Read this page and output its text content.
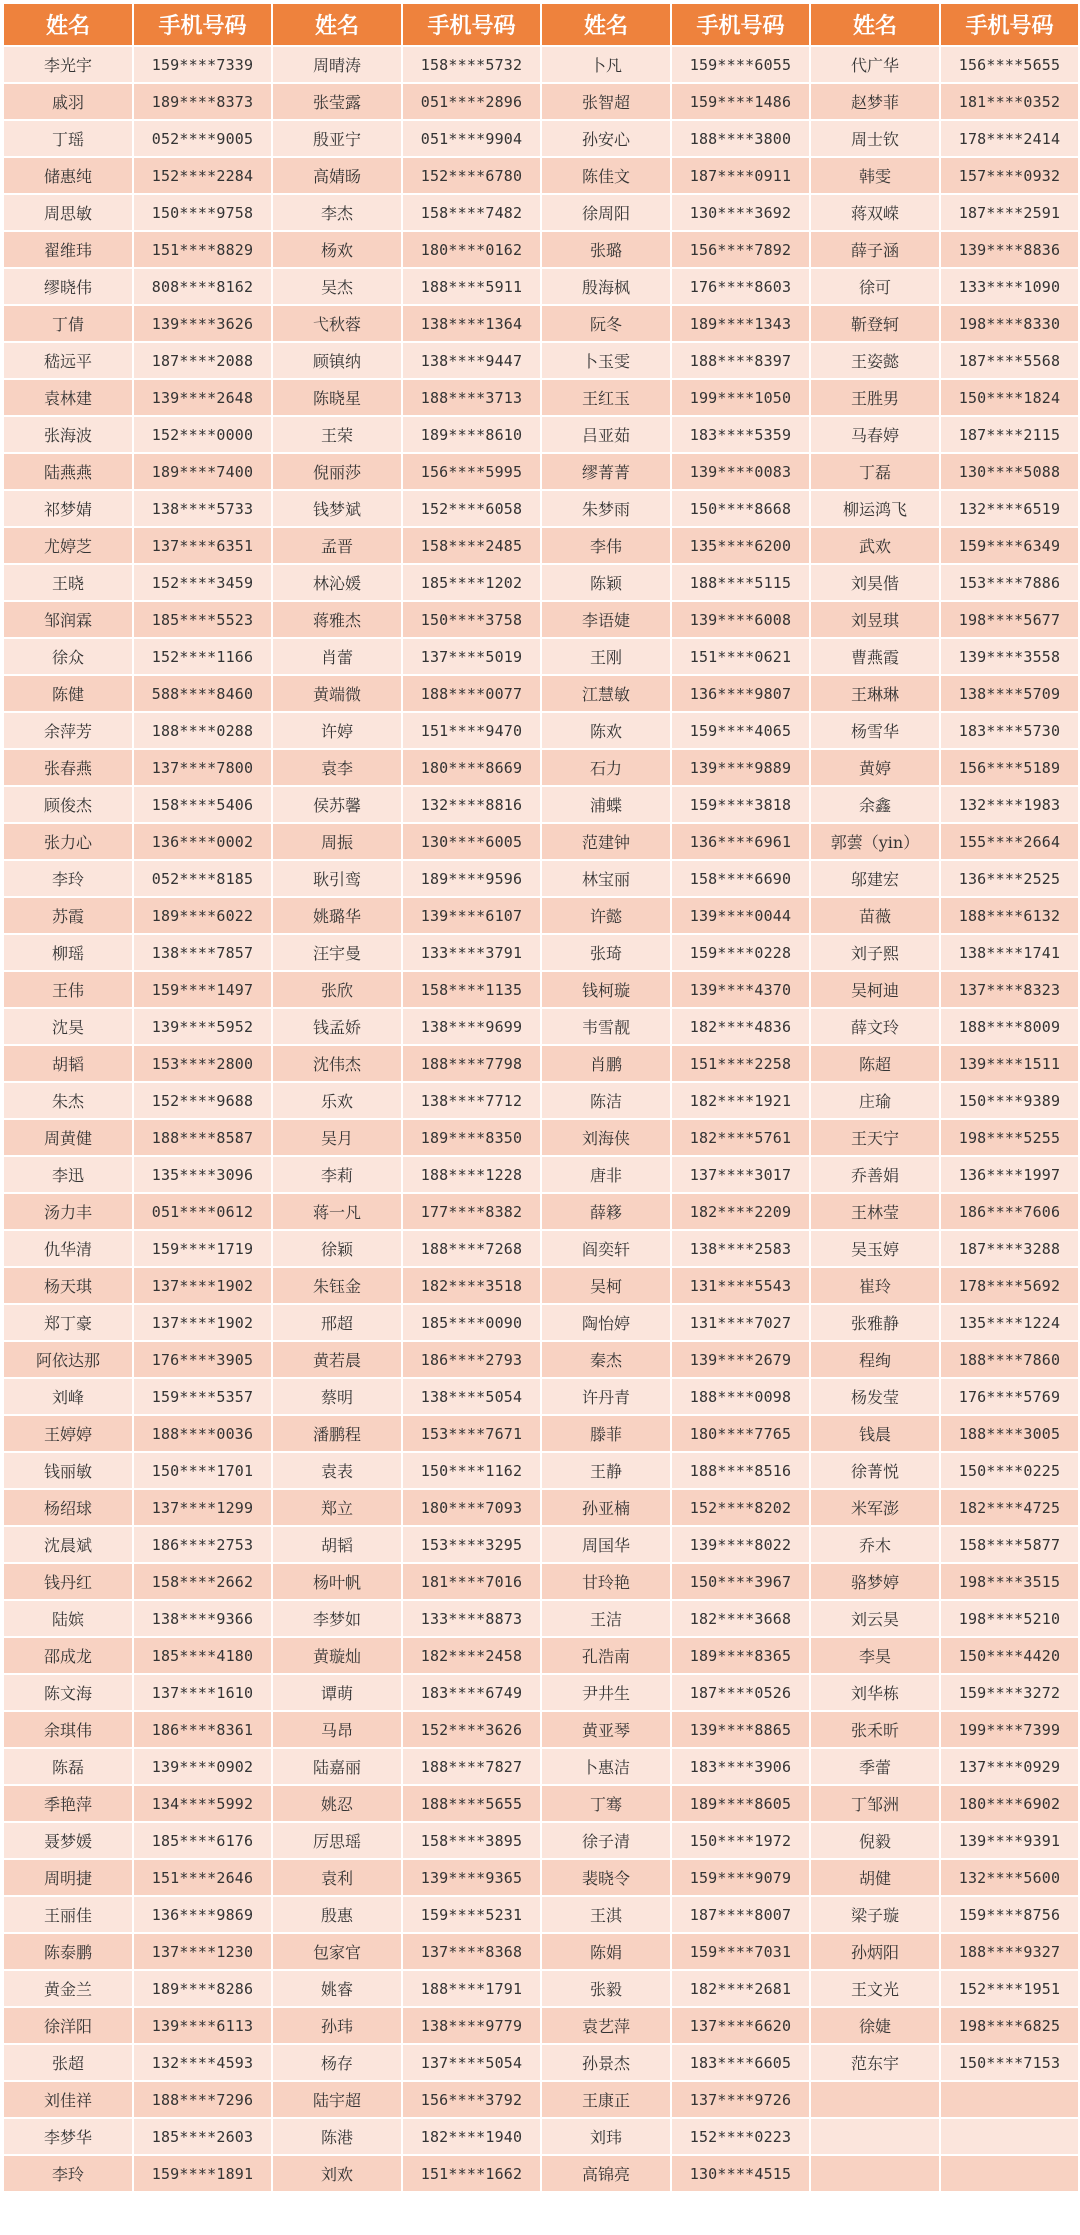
姓名	手机号码	姓名	手机号码	姓名	手机号码	姓名	手机号码
李光宇	159****7339	周晴涛	158****5732	卜凡	159****6055	代广华	156****5655
戚羽	189****8373	张莹露	051****2896	张智超	159****1486	赵梦菲	181****0352
丁瑶	052****9005	殷亚宁	051****9904	孙安心	188****3800	周士钦	178****2414
储惠纯	152****2284	高婧旸	152****6780	陈佳文	187****0911	韩雯	157****0932
周思敏	150****9758	李杰	158****7482	徐周阳	130****3692	蒋双嵘	187****2591
翟维玮	151****8829	杨欢	180****0162	张璐	156****7892	薛子涵	139****8836
缪晓伟	808****8162	吴杰	188****5911	殷海枫	176****8603	徐可	133****1090
丁倩	139****3626	弋秋蓉	138****1364	阮冬	189****1343	靳登轲	198****8330
嵇远平	187****2088	顾镇纳	138****9447	卜玉雯	188****8397	王姿懿	187****5568
袁林建	139****2648	陈晓星	188****3713	王红玉	199****1050	王胜男	150****1824
张海波	152****0000	王荣	189****8610	吕亚茹	183****5359	马春婷	187****2115
陆燕燕	189****7400	倪丽莎	156****5995	缪菁菁	139****0083	丁磊	130****5088
祁梦婧	138****5733	钱梦斌	152****6058	朱梦雨	150****8668	柳运鸿飞	132****6519
尤婷芝	137****6351	孟晋	158****2485	李伟	135****6200	武欢	159****6349
王晓	152****3459	林沁媛	185****1202	陈颖	188****5115	刘昊偕	153****7886
邹润霖	185****5523	蒋雅杰	150****3758	李语婕	139****6008	刘昱琪	198****5677
徐众	152****1166	肖蕾	137****5019	王刚	151****0621	曹燕霞	139****3558
陈健	588****8460	黄端微	188****0077	江慧敏	136****9807	王琳琳	138****5709
余萍芳	188****0288	许婷	151****9470	陈欢	159****4065	杨雪华	183****5730
张春燕	137****7800	袁李	180****8669	石力	139****9889	黄婷	156****5189
顾俊杰	158****5406	侯苏馨	132****8816	浦蝶	159****3818	余鑫	132****1983
张力心	136****0002	周振	130****6005	范建钟	136****6961	郭蕓（yin）	155****2664
李玲	052****8185	耿引鸾	189****9596	林宝丽	158****6690	邬建宏	136****2525
苏霞	189****6022	姚璐华	139****6107	许懿	139****0044	苗薇	188****6132
柳瑶	138****7857	汪宇曼	133****3791	张琦	159****0228	刘子熙	138****1741
王伟	159****1497	张欣	158****1135	钱柯璇	139****4370	吴柯迪	137****8323
沈昊	139****5952	钱孟娇	138****9699	韦雪靓	182****4836	薛文玲	188****8009
胡韬	153****2800	沈伟杰	188****7798	肖鹏	151****2258	陈超	139****1511
朱杰	152****9688	乐欢	138****7712	陈洁	182****1921	庄瑜	150****9389
周黄健	188****8587	吴月	189****8350	刘海侠	182****5761	王天宁	198****5255
李迅	135****3096	李莉	188****1228	唐非	137****3017	乔善娟	136****1997
汤力丰	051****0612	蒋一凡	177****8382	薛簃	182****2209	王林莹	186****7606
仇华清	159****1719	徐颖	188****7268	阎奕轩	138****2583	吴玉婷	187****3288
杨天琪	137****1902	朱钰金	182****3518	吴柯	131****5543	崔玲	178****5692
郑丁豪	137****1902	邢超	185****0090	陶怡婷	131****7027	张雅静	135****1224
阿依达那	176****3905	黄若晨	186****2793	秦杰	139****2679	程绚	188****7860
刘峰	159****5357	蔡明	138****5054	许丹青	188****0098	杨发莹	176****5769
王婷婷	188****0036	潘鹏程	153****7671	滕菲	180****7765	钱晨	188****3005
钱丽敏	150****1701	袁表	150****1162	王静	188****8516	徐菁悦	150****0225
杨绍球	137****1299	郑立	180****7093	孙亚楠	152****8202	米军澎	182****4725
沈晨斌	186****2753	胡韬	153****3295	周国华	139****8022	乔木	158****5877
钱丹红	158****2662	杨叶帆	181****7016	甘玲艳	150****3967	骆梦婷	198****3515
陆嫔	138****9366	李梦如	133****8873	王洁	182****3668	刘云昊	198****5210
邵成龙	185****4180	黄璇灿	182****2458	孔浩南	189****8365	李昊	150****4420
陈文海	137****1610	谭萌	183****6749	尹井生	187****0526	刘华栋	159****3272
余琪伟	186****8361	马昂	152****3626	黄亚琴	139****8865	张禾昕	199****7399
陈磊	139****0902	陆嘉丽	188****7827	卜惠洁	183****3906	季蕾	137****0929
季艳萍	134****5992	姚忍	188****5655	丁骞	189****8605	丁邹洲	180****6902
聂梦媛	185****6176	厉思瑶	158****3895	徐子清	150****1972	倪毅	139****9391
周明捷	151****2646	袁利	139****9365	裴晓令	159****9079	胡健	132****5600
王丽佳	136****9869	殷惠	159****5231	王淇	187****8007	梁子璇	159****8756
陈泰鹏	137****1230	包家官	137****8368	陈娟	159****7031	孙炳阳	188****9327
黄金兰	189****8286	姚睿	188****1791	张毅	182****2681	王文光	152****1951
徐洋阳	139****6113	孙玮	138****9779	袁艺萍	137****6620	徐婕	198****6825
张超	132****4593	杨存	137****5054	孙景杰	183****6605	范东宇	150****7153
刘佳祥	188****7296	陆宇超	156****3792	王康正	137****9726		
李梦华	185****2603	陈港	182****1940	刘玮	152****0223		
李玲	159****1891	刘欢	151****1662	高锦亮	130****4515		
